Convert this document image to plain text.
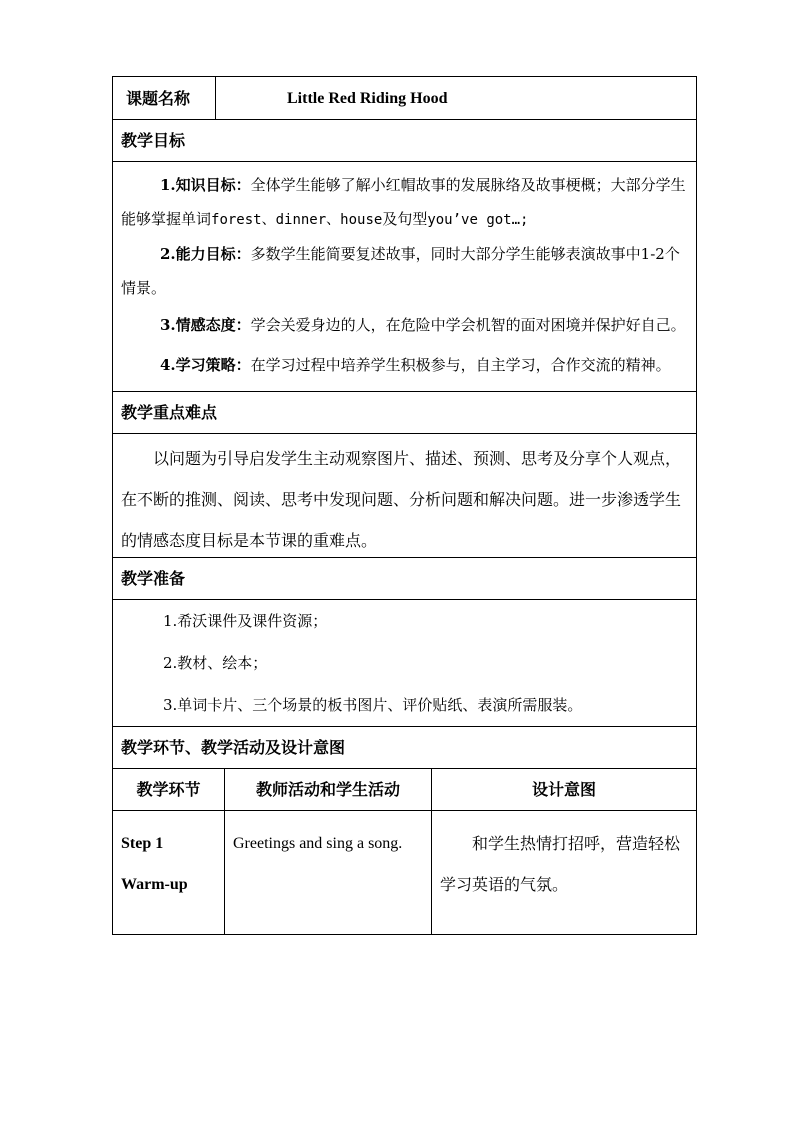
课题名称	Little Red Riding Hood
教学目标

1.知识目标：全体学生能够了解小红帽故事的发展脉络及故事梗概；大部分学生能够掌握单词forest、dinner、house及句型you’ve got…;

2.能力目标：多数学生能简要复述故事，同时大部分学生能够表演故事中1-2个情景。

3.情感态度：学会关爱身边的人，在危险中学会机智的面对困境并保护好自己。

4.学习策略：在学习过程中培养学生积极参与，自主学习，合作交流的精神。

教学重点难点
以问题为引导启发学生主动观察图片、描述、预测、思考及分享个人观点，在不断的推测、阅读、思考中发现问题、分析问题和解决问题。进一步渗透学生的情感态度目标是本节课的重难点。
教学准备

1.希沃课件及课件资源；

2.教材、绘本；

3.单词卡片、三个场景的板书图片、评价贴纸、表演所需服装。

教学环节、教学活动及设计意图
教学环节	教师活动和学生活动	设计意图
Step 1
Warm-up
Greetings and sing a song.	和学生热情打招呼，营造轻松学习英语的气氛。
